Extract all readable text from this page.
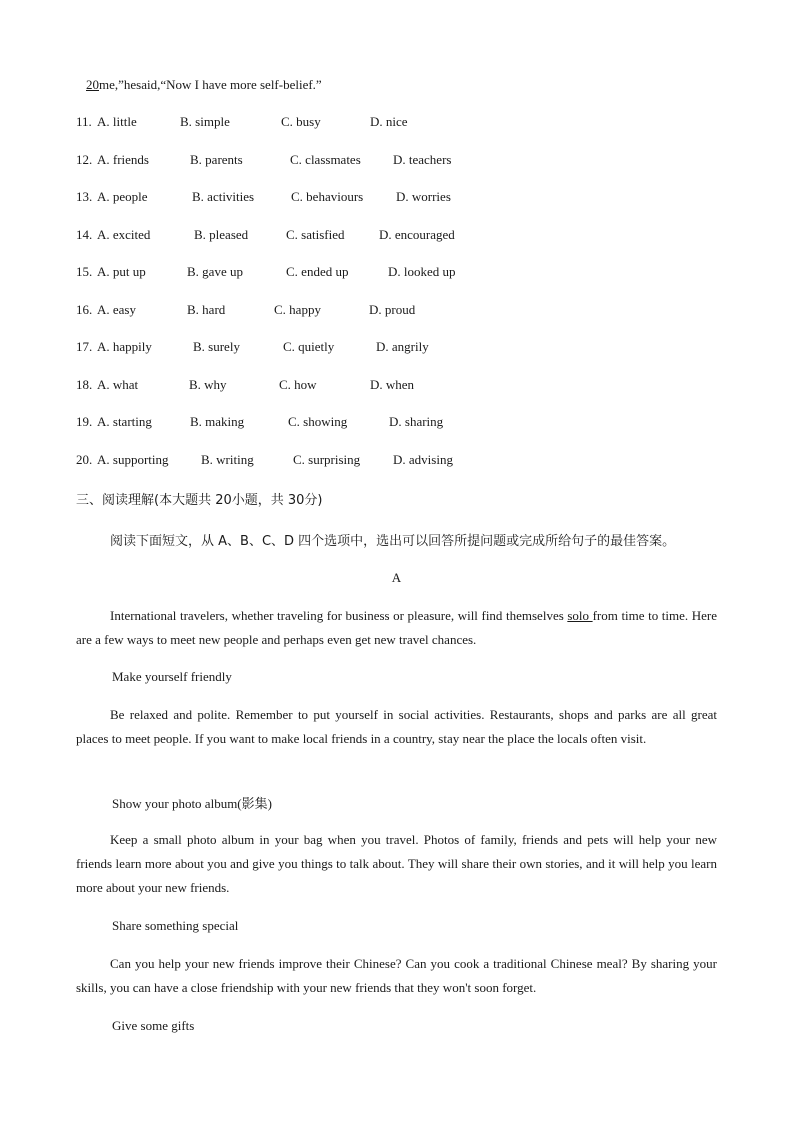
20me,”hesaid,“Now I have more self-belief.”
11. A. little	B. simple	C. busy	D. nice
12. A. friends	B. parents	C. classmates D. teachers
13. A. people	B. activities	C. behaviours	D. worries
14. A. excited	B. pleased	C. satisfied	D. encouraged
15. A. put up	B. gave up	C. ended up	D. looked up
16. A. easy	B. hard	C. happy	D. proud
17. A. happily	B. surely	C. quietly	D. angrily
18. A. what	B. why	C. how	D. when
19. A. starting	B. making	C. showing	D. sharing
20. A. supporting	B. writing	C. surprising	D. advising
三、阅读理解(本大题共 20小题，共 30分)
阅读下面短文，从 A、B、C、D 四个选项中，选出可以回答所提问题或完成所给句子的最佳答案。
A
International travelers, whether traveling for business or pleasure, will find themselves solo from time to time. Here are a few ways to meet new people and perhaps even get new travel chances.
Make yourself friendly
Be relaxed and polite. Remember to put yourself in social activities. Restaurants, shops and parks are all great places to meet people. If you want to make local friends in a country, stay near the place the locals often visit.
Show your photo album(影集)
Keep a small photo album in your bag when you travel. Photos of family, friends and pets will help your new friends learn more about you and give you things to talk about. They will share their own stories, and it will help you learn more about your new friends.
Share something special
Can you help your new friends improve their Chinese? Can you cook a traditional Chinese meal? By sharing your skills, you can have a close friendship with your new friends that they won't soon forget.
Give some gifts
